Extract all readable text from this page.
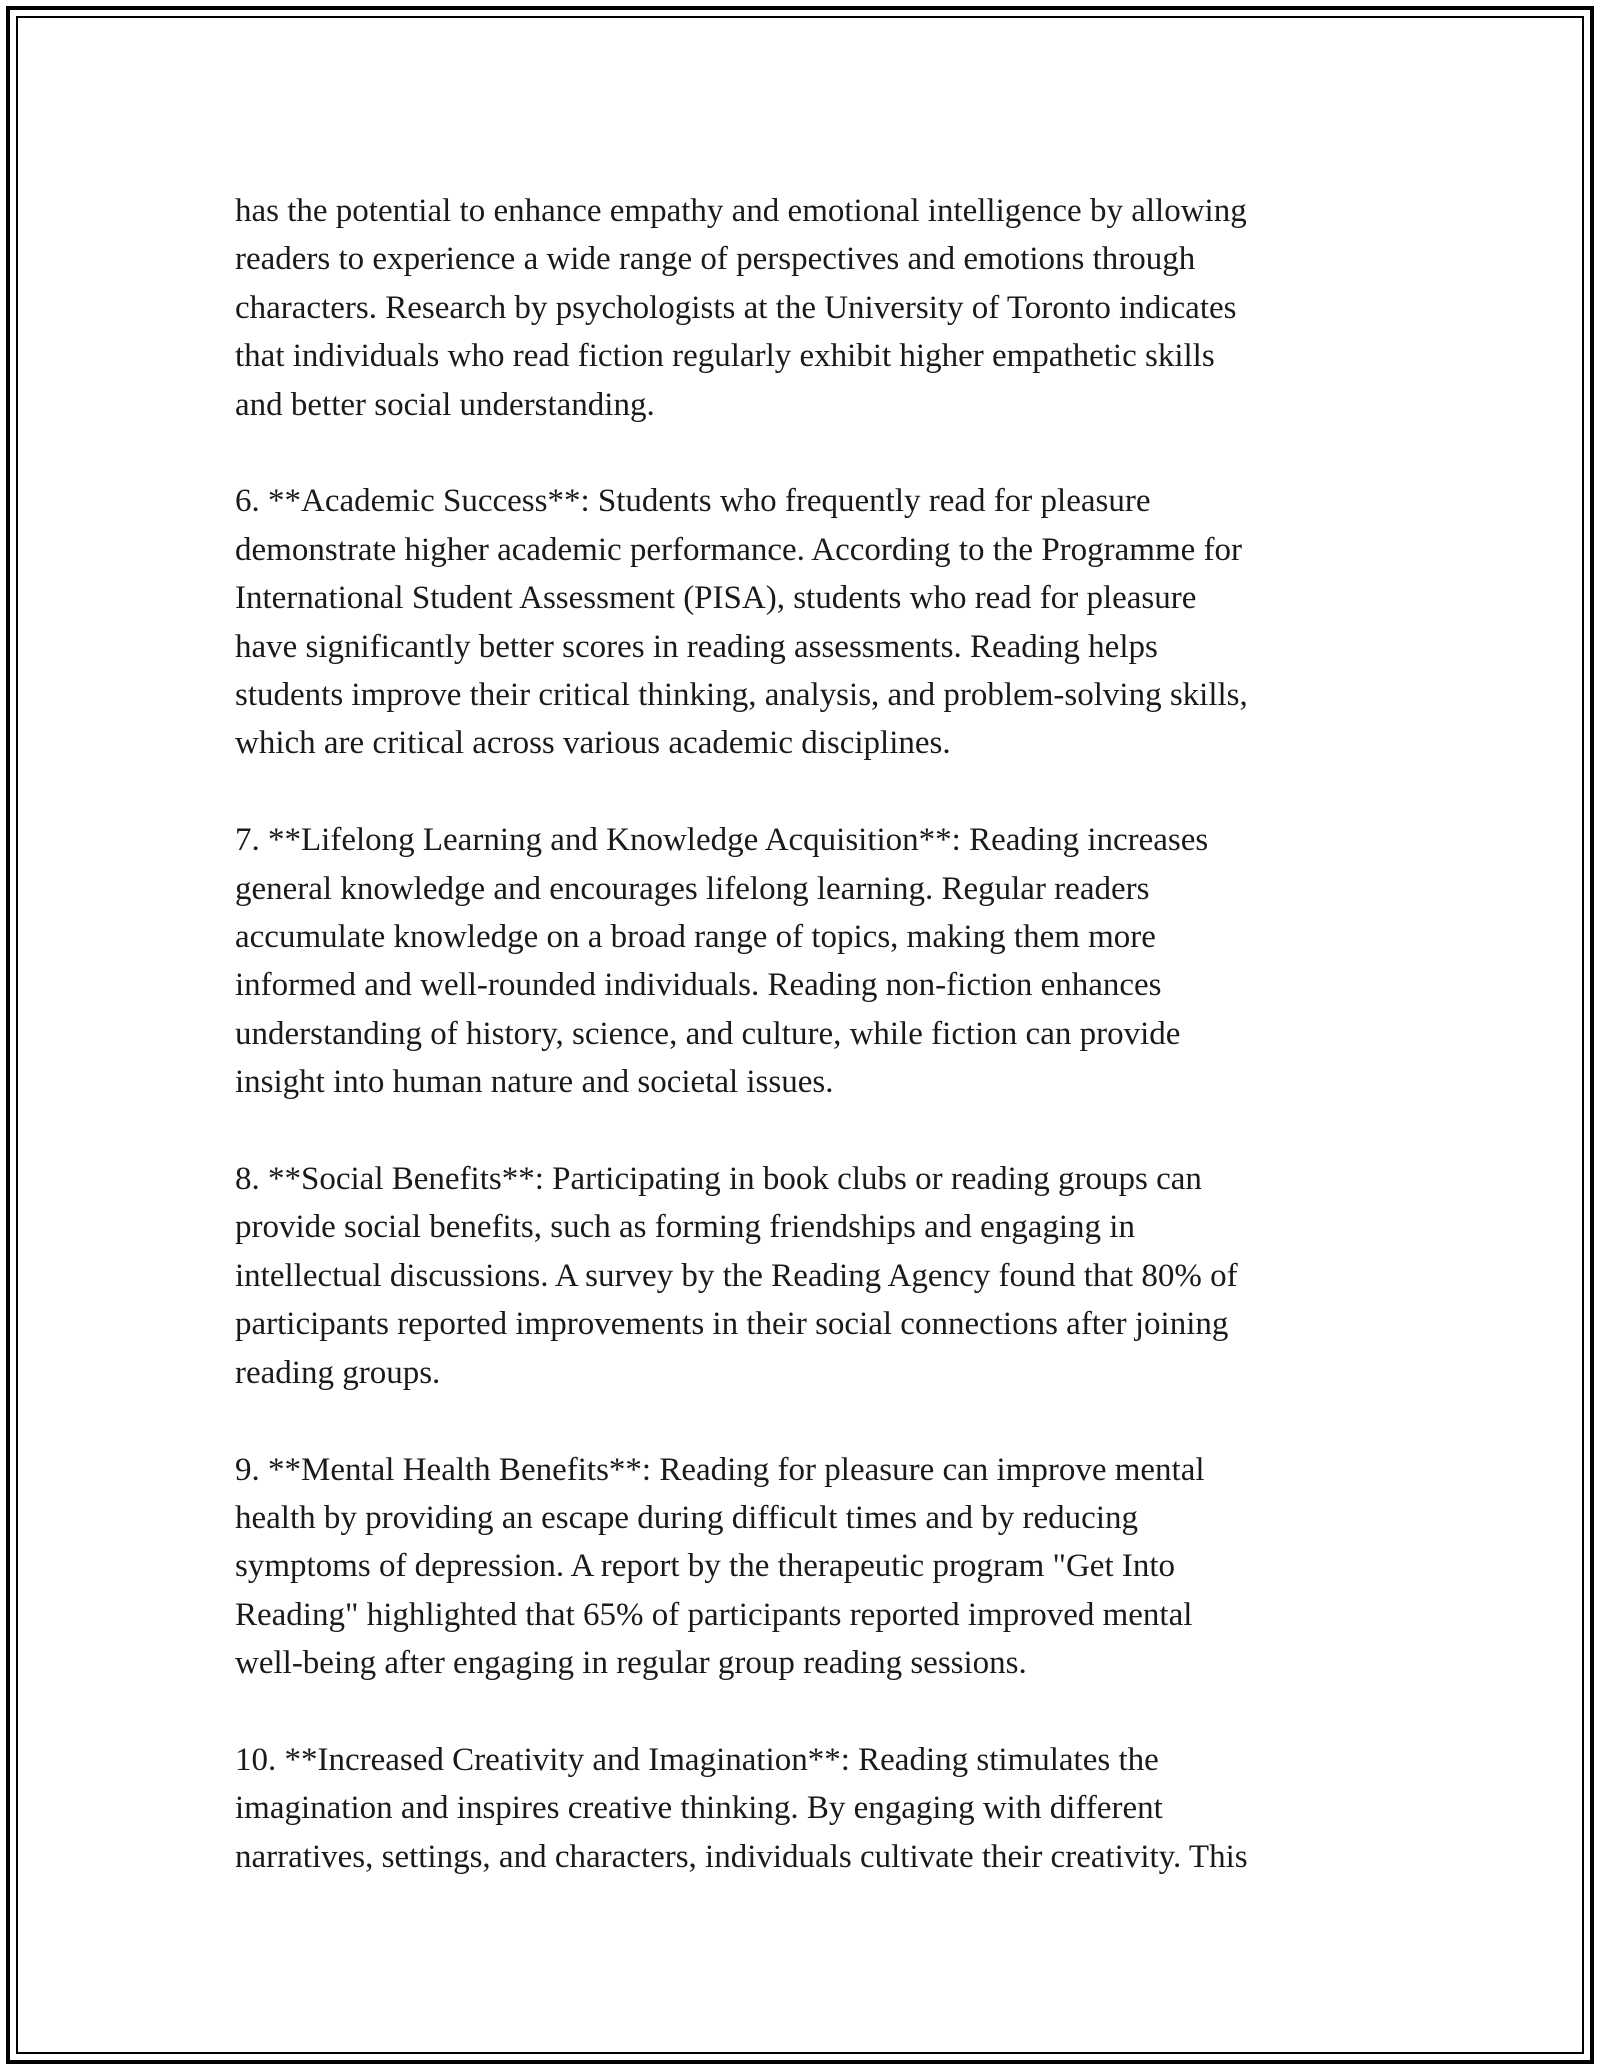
has the potential to enhance empathy and emotional intelligence by allowing
readers to experience a wide range of perspectives and emotions through
characters. Research by psychologists at the University of Toronto indicates
that individuals who read fiction regularly exhibit higher empathetic skills
and better social understanding.

6. **Academic Success**: Students who frequently read for pleasure
demonstrate higher academic performance. According to the Programme for
International Student Assessment (PISA), students who read for pleasure
have significantly better scores in reading assessments. Reading helps
students improve their critical thinking, analysis, and problem-solving skills,
which are critical across various academic disciplines.

7. **Lifelong Learning and Knowledge Acquisition**: Reading increases
general knowledge and encourages lifelong learning. Regular readers
accumulate knowledge on a broad range of topics, making them more
informed and well-rounded individuals. Reading non-fiction enhances
understanding of history, science, and culture, while fiction can provide
insight into human nature and societal issues.

8. **Social Benefits**: Participating in book clubs or reading groups can
provide social benefits, such as forming friendships and engaging in
intellectual discussions. A survey by the Reading Agency found that 80% of
participants reported improvements in their social connections after joining
reading groups.

9. **Mental Health Benefits**: Reading for pleasure can improve mental
health by providing an escape during difficult times and by reducing
symptoms of depression. A report by the therapeutic program "Get Into
Reading" highlighted that 65% of participants reported improved mental
well-being after engaging in regular group reading sessions.

10. **Increased Creativity and Imagination**: Reading stimulates the
imagination and inspires creative thinking. By engaging with different
narratives, settings, and characters, individuals cultivate their creativity. This
